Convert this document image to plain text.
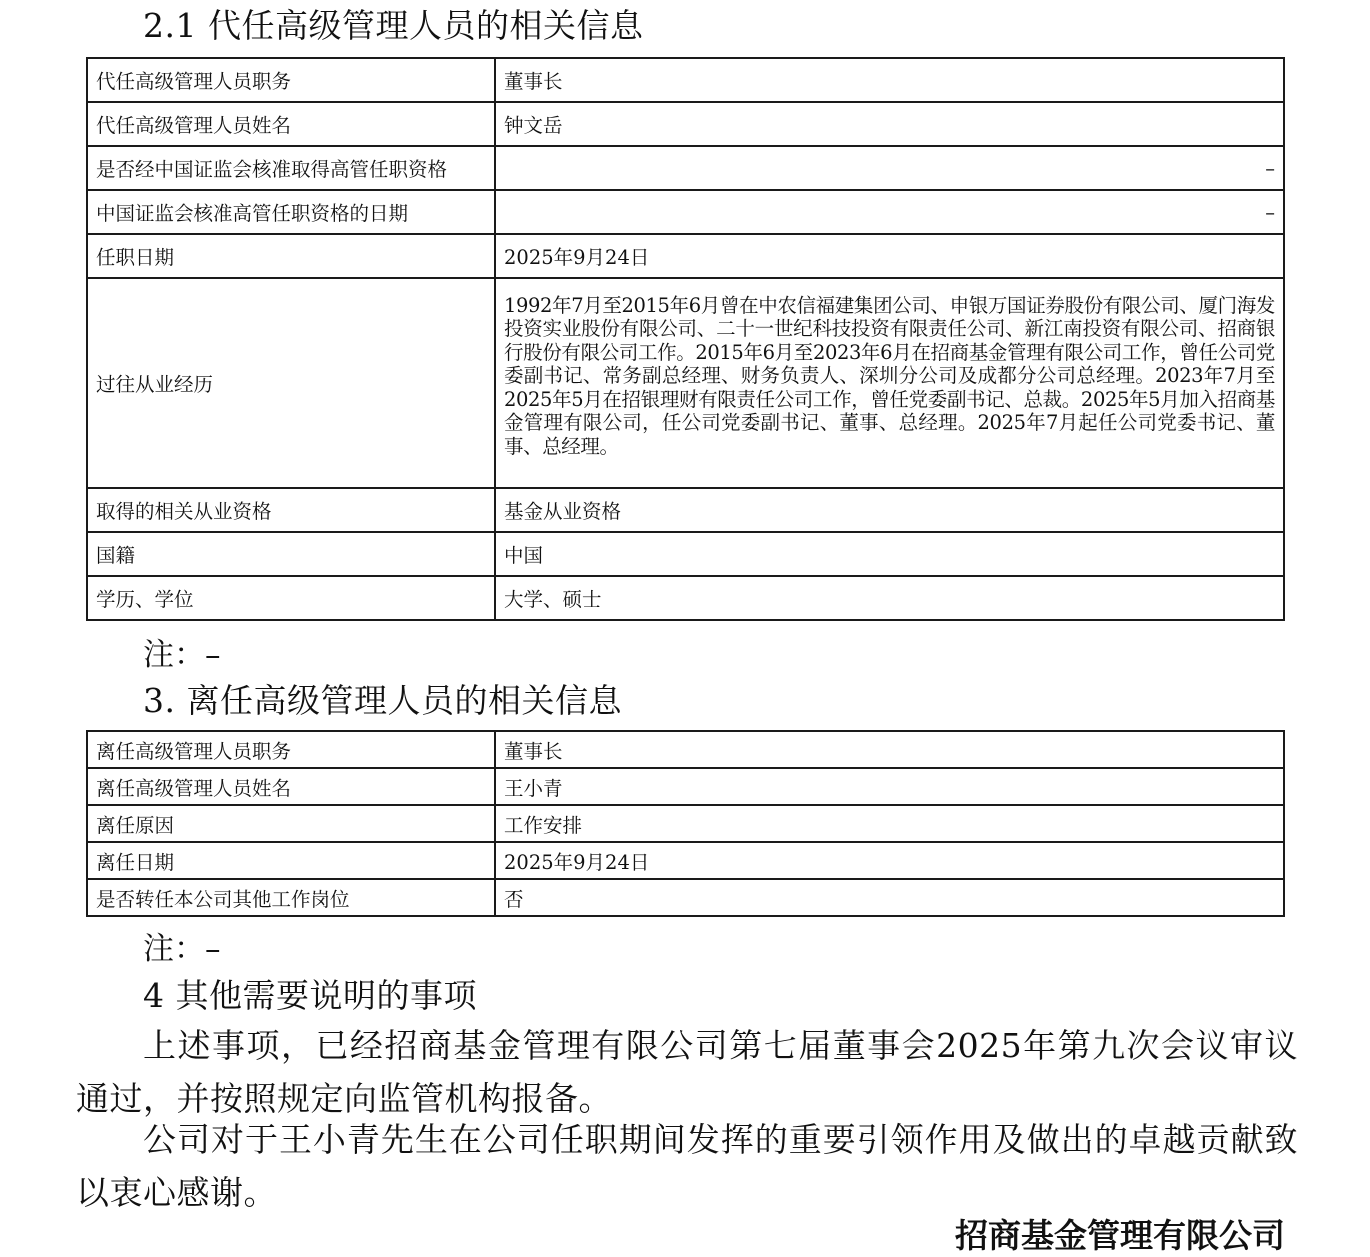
2.1 代任高级管理人员的相关信息
代任高级管理人员职务	董事长
代任高级管理人员姓名	钟文岳
是否经中国证监会核准取得高管任职资格	–
中国证监会核准高管任职资格的日期	–
任职日期	2025年9月24日
过往从业经历	1992年7月至2015年6月曾在中农信福建集团公司、申银万国证券股份有限公司、厦门海发投资实业股份有限公司、二十一世纪科技投资有限责任公司、新江南投资有限公司、招商银行股份有限公司工作。2015年6月至2023年6月在招商基金管理有限公司工作，曾任公司党委副书记、常务副总经理、财务负责人、深圳分公司及成都分公司总经理。2023年7月至2025年5月在招银理财有限责任公司工作，曾任党委副书记、总裁。2025年5月加入招商基金管理有限公司，任公司党委副书记、董事、总经理。2025年7月起任公司党委书记、董事、总经理。
取得的相关从业资格	基金从业资格
国籍	中国
学历、学位	大学、硕士

注：–

3. 离任高级管理人员的相关信息
离任高级管理人员职务	董事长
离任高级管理人员姓名	王小青
离任原因	工作安排
离任日期	2025年9月24日
是否转任本公司其他工作岗位	否

注：–

4 其他需要说明的事项

上述事项，已经招商基金管理有限公司第七届董事会2025年第九次会议审议通过，并按照规定向监管机构报备。

公司对于王小青先生在公司任职期间发挥的重要引领作用及做出的卓越贡献致以衷心感谢。

招商基金管理有限公司
